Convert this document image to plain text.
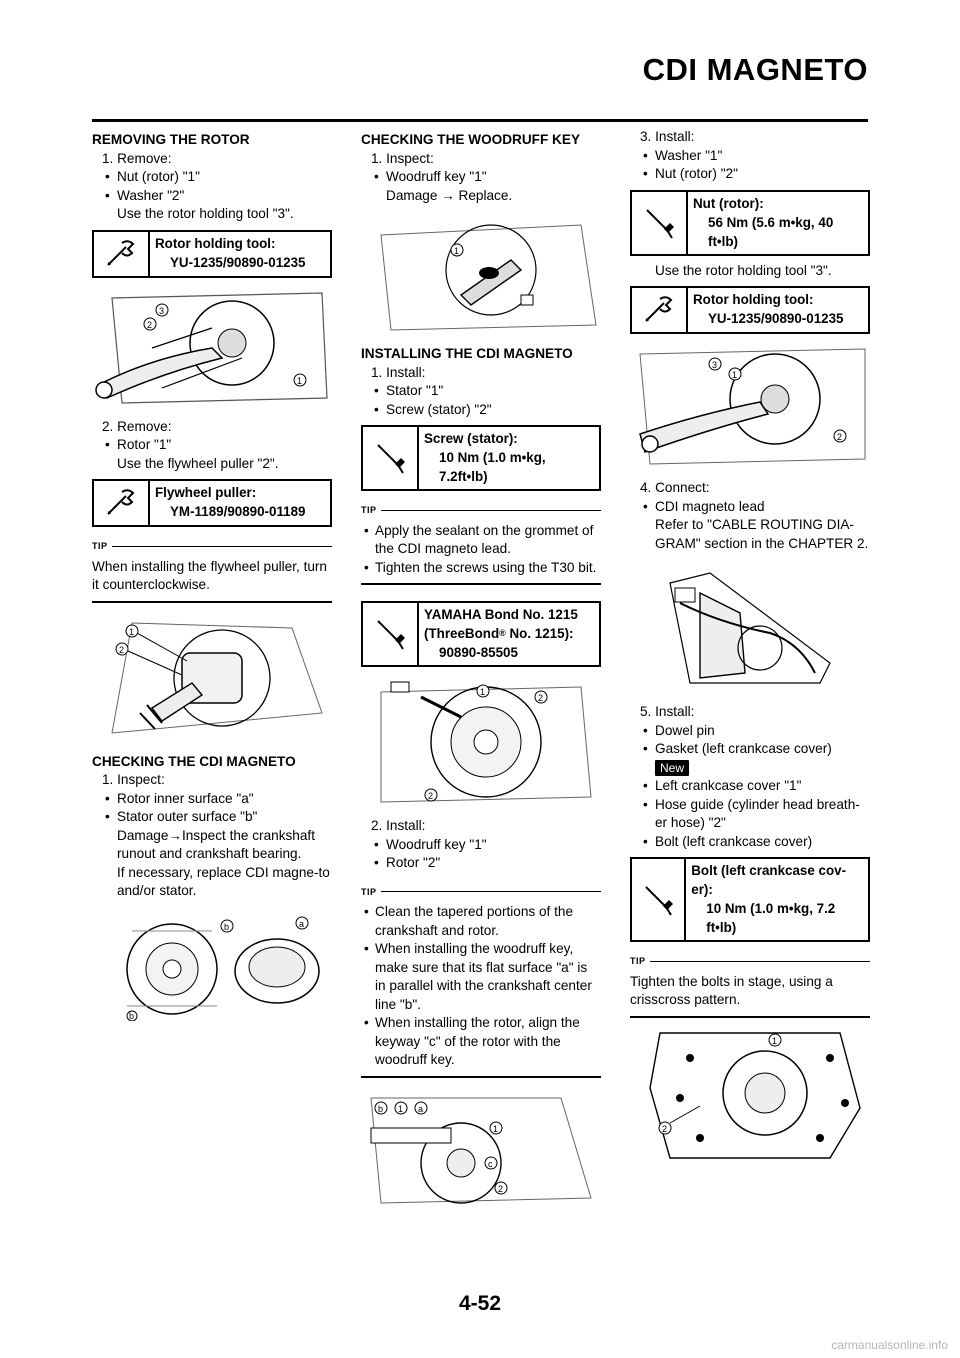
CDI MAGNETO
REMOVING THE ROTOR
1. Remove:
• Nut (rotor) "1"
• Washer "2"
Use the rotor holding tool "3".
Rotor holding tool:
YU-1235/90890-01235
3
2
1
2. Remove:
• Rotor "1"
Use the flywheel puller "2".
Flywheel puller:
YM-1189/90890-01189
TIP
When installing the flywheel puller, turn it counterclockwise.
1
2
CHECKING THE CDI MAGNETO
1. Inspect:
• Rotor inner surface "a"
• Stator outer surface "b"
Damage→Inspect the crankshaft runout and crankshaft bearing.
If necessary, replace CDI magne-to and/or stator.
b
b
a
CHECKING THE WOODRUFF KEY
1. Inspect:
• Woodruff key "1"
Damage → Replace.
1
INSTALLING THE CDI MAGNETO
1. Install:
• Stator "1"
• Screw (stator) "2"
Screw (stator):
10 Nm (1.0 m•kg,
7.2ft•lb)
TIP
• Apply the sealant on the grommet of the CDI magneto lead.
• Tighten the screws using the T30 bit.
YAMAHA Bond No. 1215
(ThreeBond® No. 1215):
90890-85505
1
2
2
2. Install:
• Woodruff key "1"
• Rotor "2"
TIP
• Clean the tapered portions of the crankshaft and rotor.
• When installing the woodruff key, make sure that its flat surface "a" is in parallel with the crankshaft center line "b".
• When installing the rotor, align the keyway "c" of the rotor with the woodruff key.
b 1 a
1
c
2
3. Install:
• Washer "1"
• Nut (rotor) "2"
Nut (rotor):
56 Nm (5.6 m•kg, 40
ft•lb)
Use the rotor holding tool "3".
Rotor holding tool:
YU-1235/90890-01235
3
1
2
4. Connect:
• CDI magneto lead
Refer to "CABLE ROUTING DIA-GRAM" section in the CHAPTER 2.
5. Install:
• Dowel pin
• Gasket (left crankcase cover)
New
• Left crankcase cover "1"
• Hose guide (cylinder head breath-er hose) "2"
• Bolt (left crankcase cover)
Bolt (left crankcase cov-er):
10 Nm (1.0 m•kg, 7.2
ft•lb)
TIP
Tighten the bolts in stage, using a crisscross pattern.
1
2
4-52
carmanualsonline.info
